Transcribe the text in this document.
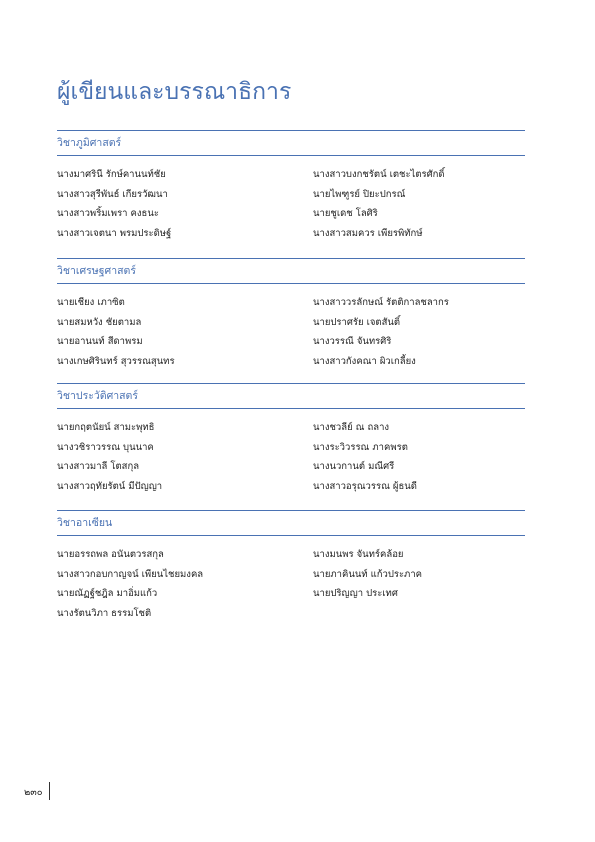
ผู้เขียนและบรรณาธิการ
วิชาภูมิศาสตร์
นางมาศรินี รักษ์คานนท์ชัย	นางสาวบงกชรัตน์ เตชะไตรศักดิ์
นางสาวสุรีพันธ์ เกียรวัฒนา	นายไพฑูรย์ ปิยะปกรณ์
นางสาวพริ้มเพรา คงธนะ	นายชูเดช โลศิริ
นางสาวเจตนา พรมประดิษฐ์	นางสาวสมควร เพียรพิทักษ์
วิชาเศรษฐศาสตร์
นายเชียง เภาซิต	นางสาววรลักษณ์ รัตติกาลชลากร
นายสมหวัง ชัยตามล	นายปราศรัย เจตสันติ์
นายอานนท์ สีดาพรม	นางวรรณี จันทรศิริ
นางเกษศิรินทร์ สุวรรณสุนทร	นางสาวกังคณา ผิวเกลี้ยง
วิชาประวัติศาสตร์
นายกฤตนัยน์ สามะพุทธิ	นางชวลีย์ ณ ถลาง
นางวชิราวรรณ บุนนาค	นางระวิวรรณ ภาคพรต
นางสาวมาลี โตสกุล	นางนวกานต์ มณีศรี
นางสาวฤทัยรัตน์ มีปัญญา	นางสาวอรุณวรรณ ผู้ธนดี
วิชาอาเซียน
นายอรรถพล อนันตวรสกุล	นางมนพร จันทร์คล้อย
นางสาวกอบกาญจน์ เพียนไชยมงคล	นายภาคินนท์ แก้วประภาค
นายณัฏฐ์ชฎิล มาอิ่มแก้ว	นายปริญญา ประเทศ
นางรัตนวิภา ธรรมโชติ
๒๓๐
